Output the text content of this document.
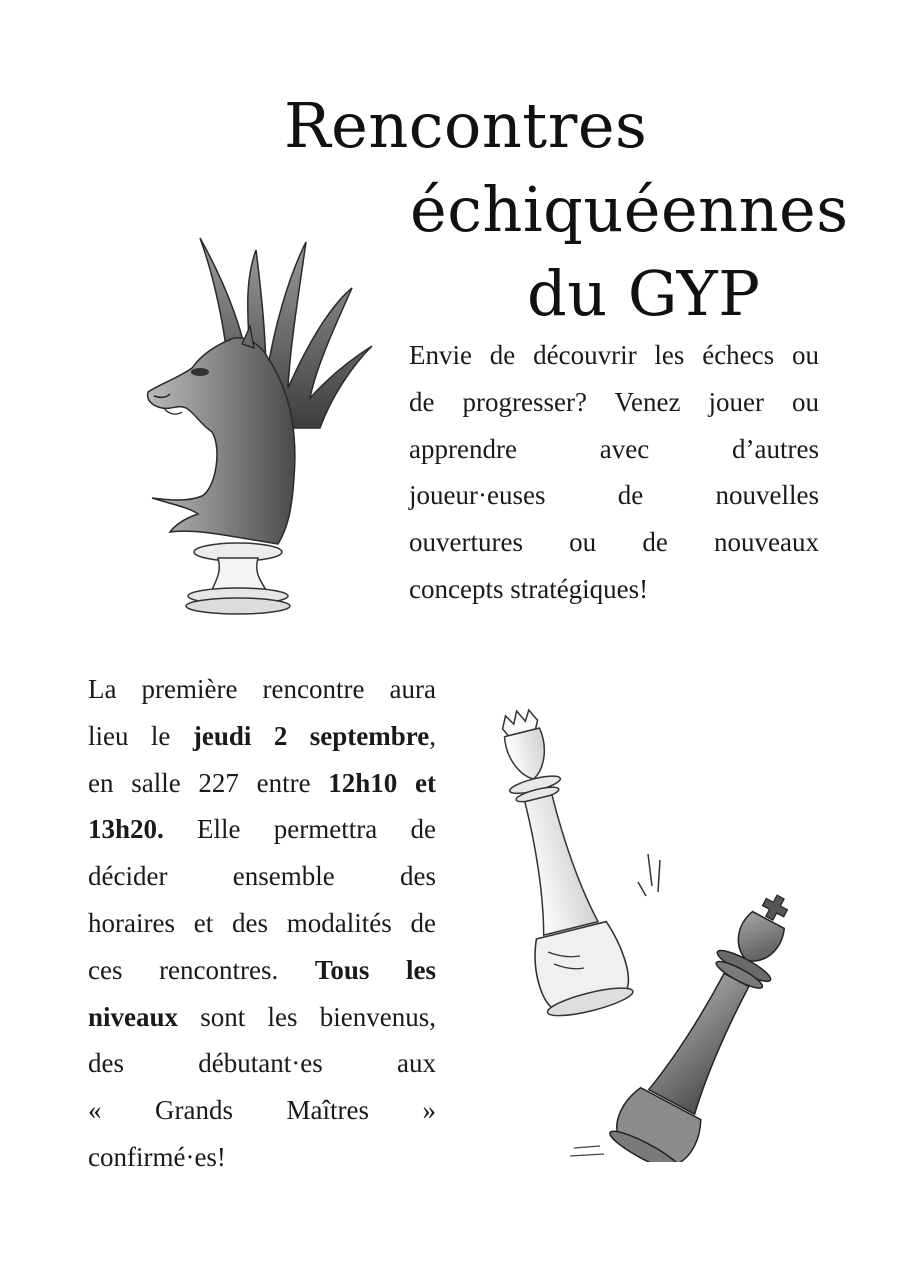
Rencontres
échiquéennes
du GYP
Envie de découvrir les échecs ou
de progresser? Venez jouer ou
apprendre avec d’autres
joueur·euses de nouvelles
ouvertures ou de nouveaux
concepts stratégiques!
La première rencontre aura
lieu le jeudi 2 septembre,
en salle 227 entre 12h10 et
13h20. Elle permettra de
décider ensemble des
horaires et des modalités de
ces rencontres. Tous les
niveaux sont les bienvenus,
des débutant·es aux
« Grands Maîtres »
confirmé·es!
